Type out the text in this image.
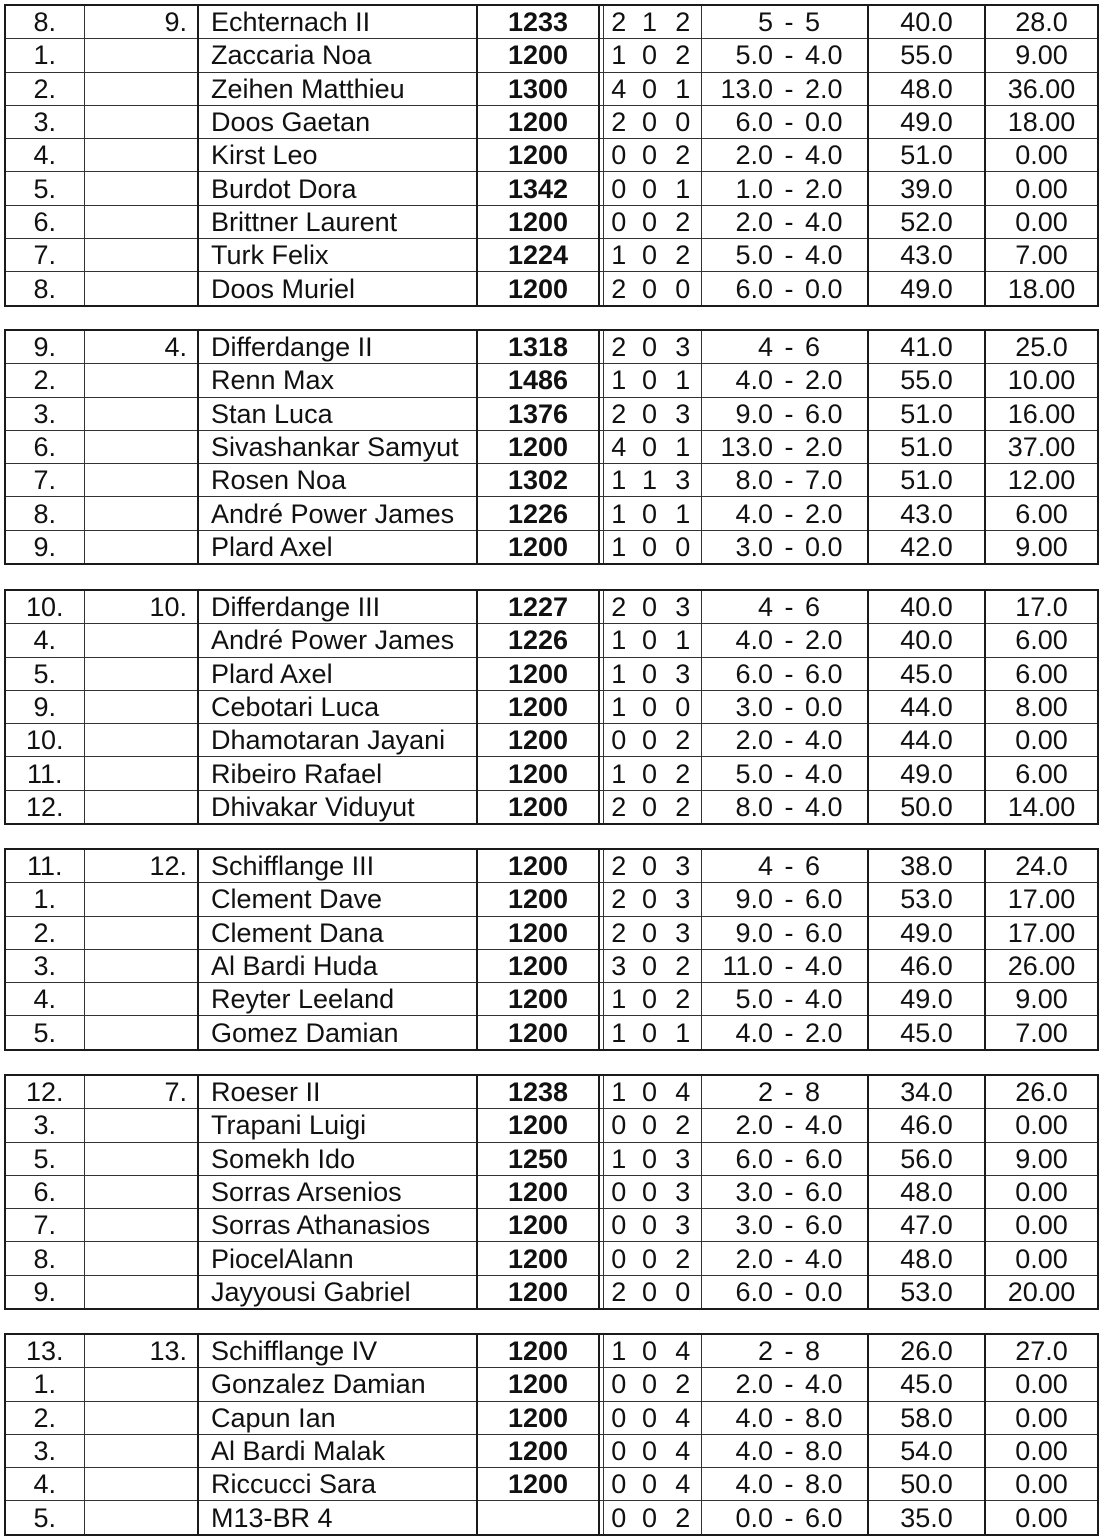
8.	9.	Echternach II	1233		2	1	2	5	-	5	40.0	28.0
1.		Zaccaria Noa	1200		1	0	2	5.0	-	4.0	55.0	9.00
2.		Zeihen Matthieu	1300		4	0	1	13.0	-	2.0	48.0	36.00
3.		Doos Gaetan	1200		2	0	0	6.0	-	0.0	49.0	18.00
4.		Kirst Leo	1200		0	0	2	2.0	-	4.0	51.0	0.00
5.		Burdot Dora	1342		0	0	1	1.0	-	2.0	39.0	0.00
6.		Brittner Laurent	1200		0	0	2	2.0	-	4.0	52.0	0.00
7.		Turk Felix	1224		1	0	2	5.0	-	4.0	43.0	7.00
8.		Doos Muriel	1200		2	0	0	6.0	-	0.0	49.0	18.00
9.	4.	Differdange II	1318		2	0	3	4	-	6	41.0	25.0
2.		Renn Max	1486		1	0	1	4.0	-	2.0	55.0	10.00
3.		Stan Luca	1376		2	0	3	9.0	-	6.0	51.0	16.00
6.		Sivashankar Samyut	1200		4	0	1	13.0	-	2.0	51.0	37.00
7.		Rosen Noa	1302		1	1	3	8.0	-	7.0	51.0	12.00
8.		André Power James	1226		1	0	1	4.0	-	2.0	43.0	6.00
9.		Plard Axel	1200		1	0	0	3.0	-	0.0	42.0	9.00
10.	10.	Differdange III	1227		2	0	3	4	-	6	40.0	17.0
4.		André Power James	1226		1	0	1	4.0	-	2.0	40.0	6.00
5.		Plard Axel	1200		1	0	3	6.0	-	6.0	45.0	6.00
9.		Cebotari Luca	1200		1	0	0	3.0	-	0.0	44.0	8.00
10.		Dhamotaran Jayani	1200		0	0	2	2.0	-	4.0	44.0	0.00
11.		Ribeiro Rafael	1200		1	0	2	5.0	-	4.0	49.0	6.00
12.		Dhivakar Viduyut	1200		2	0	2	8.0	-	4.0	50.0	14.00
11.	12.	Schifflange III	1200		2	0	3	4	-	6	38.0	24.0
1.		Clement Dave	1200		2	0	3	9.0	-	6.0	53.0	17.00
2.		Clement Dana	1200		2	0	3	9.0	-	6.0	49.0	17.00
3.		Al Bardi Huda	1200		3	0	2	11.0	-	4.0	46.0	26.00
4.		Reyter Leeland	1200		1	0	2	5.0	-	4.0	49.0	9.00
5.		Gomez Damian	1200		1	0	1	4.0	-	2.0	45.0	7.00
12.	7.	Roeser II	1238		1	0	4	2	-	8	34.0	26.0
3.		Trapani Luigi	1200		0	0	2	2.0	-	4.0	46.0	0.00
5.		Somekh Ido	1250		1	0	3	6.0	-	6.0	56.0	9.00
6.		Sorras Arsenios	1200		0	0	3	3.0	-	6.0	48.0	0.00
7.		Sorras Athanasios	1200		0	0	3	3.0	-	6.0	47.0	0.00
8.		PiocelAlann	1200		0	0	2	2.0	-	4.0	48.0	0.00
9.		Jayyousi Gabriel	1200		2	0	0	6.0	-	0.0	53.0	20.00
13.	13.	Schifflange IV	1200		1	0	4	2	-	8	26.0	27.0
1.		Gonzalez Damian	1200		0	0	2	2.0	-	4.0	45.0	0.00
2.		Capun Ian	1200		0	0	4	4.0	-	8.0	58.0	0.00
3.		Al Bardi Malak	1200		0	0	4	4.0	-	8.0	54.0	0.00
4.		Riccucci Sara	1200		0	0	4	4.0	-	8.0	50.0	0.00
5.		M13-BR 4			0	0	2	0.0	-	6.0	35.0	0.00
